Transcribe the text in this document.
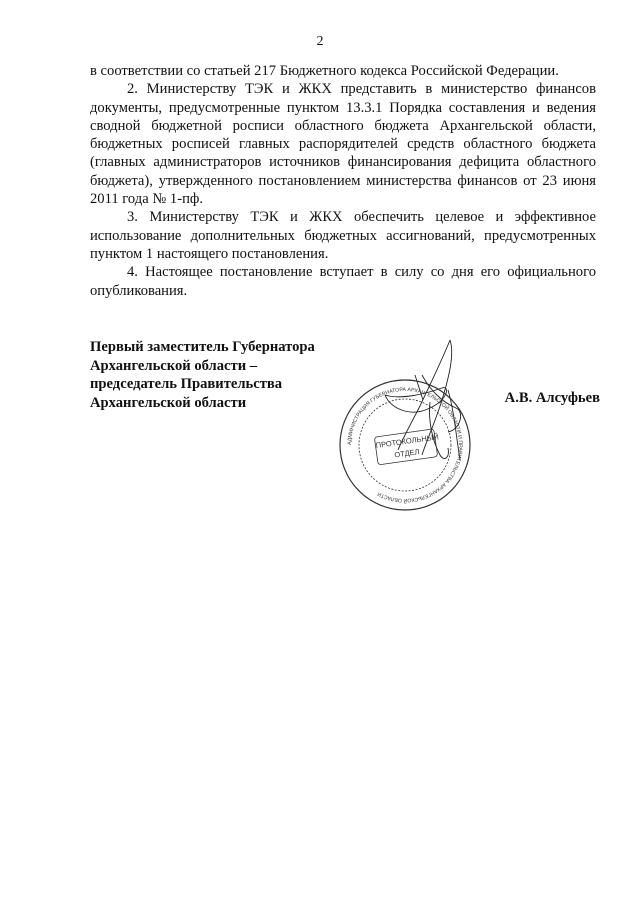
2

в соответствии со статьей 217 Бюджетного кодекса Российской Федерации.

2. Министерству ТЭК и ЖКХ представить в министерство финансов документы, предусмотренные пунктом 13.3.1 Порядка составления и ведения сводной бюджетной росписи областного бюджета Архангельской области, бюджетных росписей главных распорядителей средств областного бюджета (главных администраторов источников финансирования дефицита областного бюджета), утвержденного постановлением министерства финансов от 23 июня 2011 года № 1-пф.

3. Министерству ТЭК и ЖКХ обеспечить целевое и эффективное использование дополнительных бюджетных ассигнований, предусмотренных пунктом 1 настоящего постановления.

4. Настоящее постановление вступает в силу со дня его официального опубликования.

Первый заместитель Губернатора
Архангельской области –
председатель Правительства
Архангельской области	А.В. Алсуфьев
АДМИНИСТРАЦИЯ ГУБЕРНАТОРА АРХАНГЕЛЬСКОЙ ОБЛАСТИ И ПРАВИТЕЛЬСТВА АРХАНГЕЛЬСКОЙ ОБЛАСТИ
ПРОТОКОЛЬНЫЙ
ОТДЕЛ
